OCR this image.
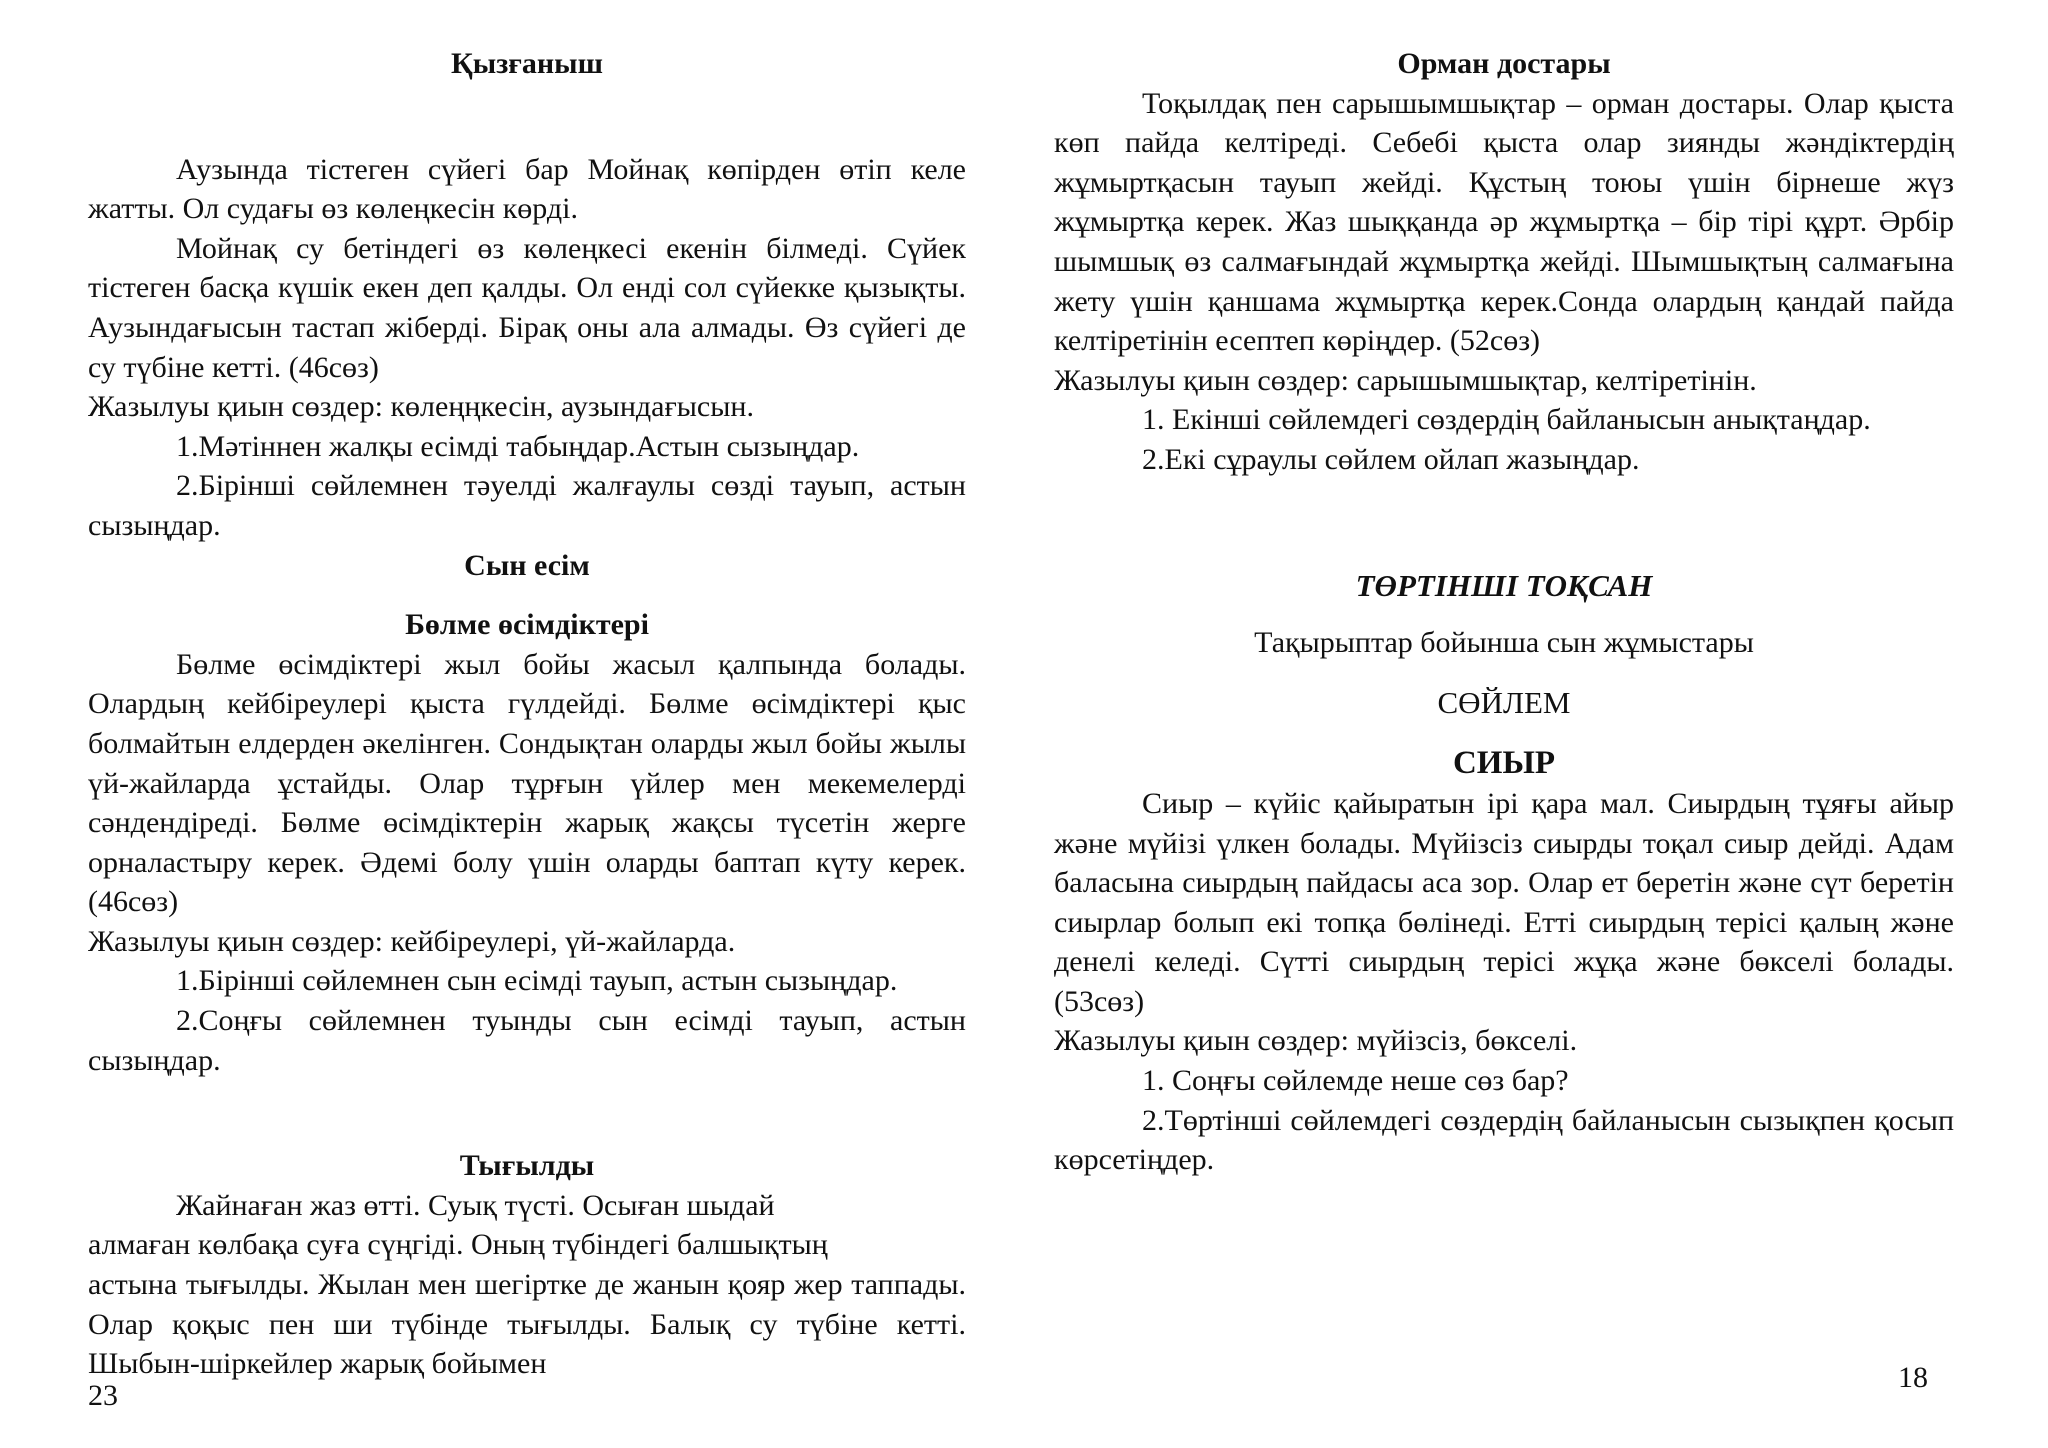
Қызғаныш

Аузында тістеген сүйегі бар Мойнақ көпірден өтіп келе жатты. Ол судағы өз көлеңкесін көрді.

Мойнақ су бетіндегі өз көлеңкесі екенін білмеді. Сүйек тістеген басқа күшік екен деп қалды. Ол енді сол сүйекке қызықты. Аузындағысын тастап жіберді. Бірақ оны ала алмады. Өз сүйегі де су түбіне кетті. (46сөз)

Жазылуы қиын сөздер: көлеңңкесін, аузындағысын.

1.Мәтіннен жалқы есімді табыңдар.Астын сызыңдар.

2.Бірінші сөйлемнен тәуелді жалғаулы сөзді тауып, астын сызыңдар.

Сын есім
Бөлме өсімдіктері

Бөлме өсімдіктері жыл бойы жасыл қалпында болады. Олардың кейбіреулері қыста гүлдейді. Бөлме өсімдіктері қыс болмайтын елдерден әкелінген. Сондықтан оларды жыл бойы жылы үй-жайларда ұстайды. Олар тұрғын үйлер мен мекемелерді сәндендіреді. Бөлме өсімдіктерін жарық жақсы түсетін жерге орналастыру керек. Әдемі болу үшін оларды баптап күту керек.(46сөз)

Жазылуы қиын сөздер: кейбіреулері, үй-жайларда.

1.Бірінші сөйлемнен сын есімді тауып, астын сызыңдар.

2.Соңғы сөйлемнен туынды сын есімді тауып, астын сызыңдар.

Тығылды

Жайнаған жаз өтті. Суық түсті. Осыған шыдай

алмаған көлбақа суға сүңгіді. Оның түбіндегі балшықтың

астына тығылды. Жылан мен шегіртке де жанын қояр жер таппады. Олар қоқыс пен ши түбінде тығылды. Балық су түбіне кетті. Шыбын-шіркейлер жарық бойымен

23
Орман достары

Тоқылдақ пен сарышымшықтар – орман достары. Олар қыста көп пайда келтіреді. Себебі қыста олар зиянды жәндіктердің жұмыртқасын тауып жейді. Құстың тоюы үшін бірнеше жүз жұмыртқа керек. Жаз шыққанда әр жұмыртқа – бір тірі құрт. Әрбір шымшық өз салмағындай жұмыртқа жейді. Шымшықтың салмағына жету үшін қаншама жұмыртқа керек.Сонда олардың қандай пайда келтіретінін есептеп көріңдер. (52сөз)

Жазылуы қиын сөздер: сарышымшықтар, келтіретінін.

1. Екінші сөйлемдегі сөздердің байланысын анықтаңдар.

2.Екі сұраулы сөйлем ойлап жазыңдар.

ТӨРТІНШІ ТОҚСАН

Тақырыптар бойынша сын жұмыстары

СӨЙЛЕМ

СИЫР

Сиыр – күйіс қайыратын ірі қара мал. Сиырдың тұяғы айыр және мүйізі үлкен болады. Мүйізсіз сиырды тоқал сиыр дейді. Адам баласына сиырдың пайдасы аса зор. Олар ет беретін және сүт беретін сиырлар болып екі топқа бөлінеді. Етті сиырдың терісі қалың және денелі келеді. Сүтті сиырдың терісі жұқа және бөкселі болады. (53сөз)

Жазылуы қиын сөздер: мүйізсіз, бөкселі.

1. Соңғы сөйлемде неше сөз бар?

2.Төртінші сөйлемдегі сөздердің байланысын сызықпен қосып көрсетіңдер.

18
